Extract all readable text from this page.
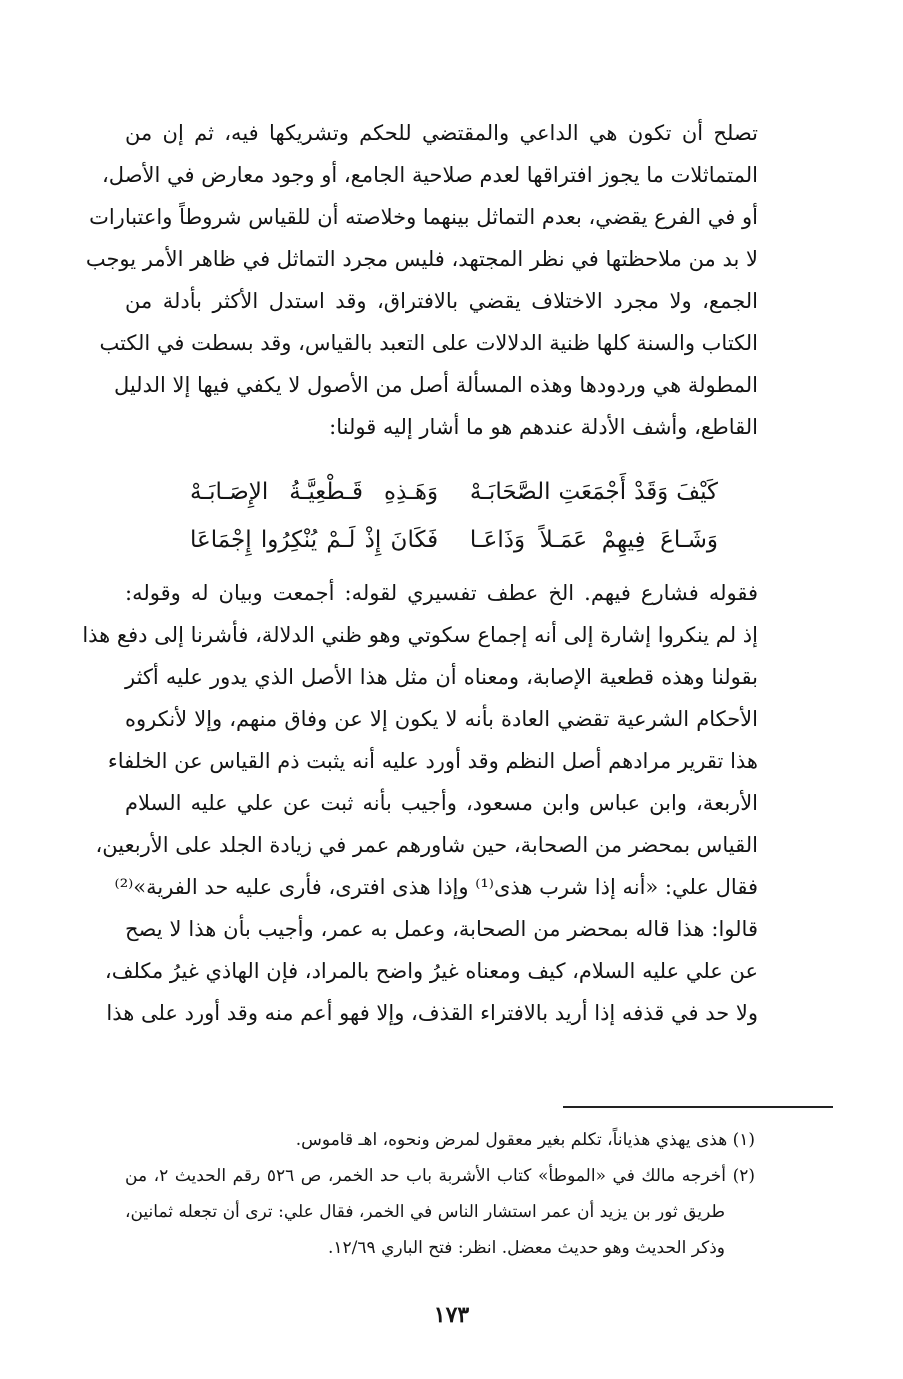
تصلح أن تكون هي الداعي والمقتضي للحكم وتشريكها فيه، ثم إن من
المتماثلات ما يجوز افتراقها لعدم صلاحية الجامع، أو وجود معارض في الأصل،
أو في الفرع يقضي، بعدم التماثل بينهما وخلاصته أن للقياس شروطاً واعتبارات
لا بد من ملاحظتها في نظر المجتهد، فليس مجرد التماثل في ظاهر الأمر يوجب
الجمع، ولا مجرد الاختلاف يقضي بالافتراق، وقد استدل الأكثر بأدلة من
الكتاب والسنة كلها ظنية الدلالات على التعبد بالقياس، وقد بسطت في الكتب
المطولة هي وردودها وهذه المسألة أصل من الأصول لا يكفي فيها إلا الدليل
القاطع، وأشف الأدلة عندهم هو ما أشار إليه قولنا:
كَيْفَ وَقَدْ أَجْمَعَتِ الصَّحَابَـهْ
وَهَـذِهِ قَـطْعِيَّـةُ الإِصَـابَـهْ
وَشَـاعَ فِيهِمْ عَمَـلاً وَذَاعَـا
فَكَانَ إِذْ لَـمْ يُنْكِرُوا إِجْمَاعَا
فقوله فشارع فيهم. الخ عطف تفسيري لقوله: أجمعت وبيان له وقوله:
إذ لم ينكروا إشارة إلى أنه إجماع سكوتي وهو ظني الدلالة، فأشرنا إلى دفع هذا
بقولنا وهذه قطعية الإصابة، ومعناه أن مثل هذا الأصل الذي يدور عليه أكثر
الأحكام الشرعية تقضي العادة بأنه لا يكون إلا عن وفاق منهم، وإلا لأنكروه
هذا تقرير مرادهم أصل النظم وقد أورد عليه أنه يثبت ذم القياس عن الخلفاء
الأربعة، وابن عباس وابن مسعود، وأجيب بأنه ثبت عن علي عليه السلام
القياس بمحضر من الصحابة، حين شاورهم عمر في زيادة الجلد على الأربعين،
فقال علي: «أنه إذا شرب هذى⁽¹⁾ وإذا هذى افترى، فأرى عليه حد الفرية»⁽²⁾
قالوا: هذا قاله بمحضر من الصحابة، وعمل به عمر، وأجيب بأن هذا لا يصح
عن علي عليه السلام، كيف ومعناه غيرُ واضح بالمراد، فإن الهاذي غيرُ مكلف،
ولا حد في قذفه إذا أريد بالافتراء القذف، وإلا فهو أعم منه وقد أورد على هذا
(١) هذى يهذي هذياناً، تكلم بغير معقول لمرض ونحوه، اهـ قاموس.
(٢) أخرجه مالك في «الموطأ» كتاب الأشربة باب حد الخمر، ص ٥٢٦ رقم الحديث ٢، من
طريق ثور بن يزيد أن عمر استشار الناس في الخمر، فقال علي: ترى أن تجعله ثمانين،
وذكر الحديث وهو حديث معضل. انظر: فتح الباري ١٢/٦٩.
١٧٣
